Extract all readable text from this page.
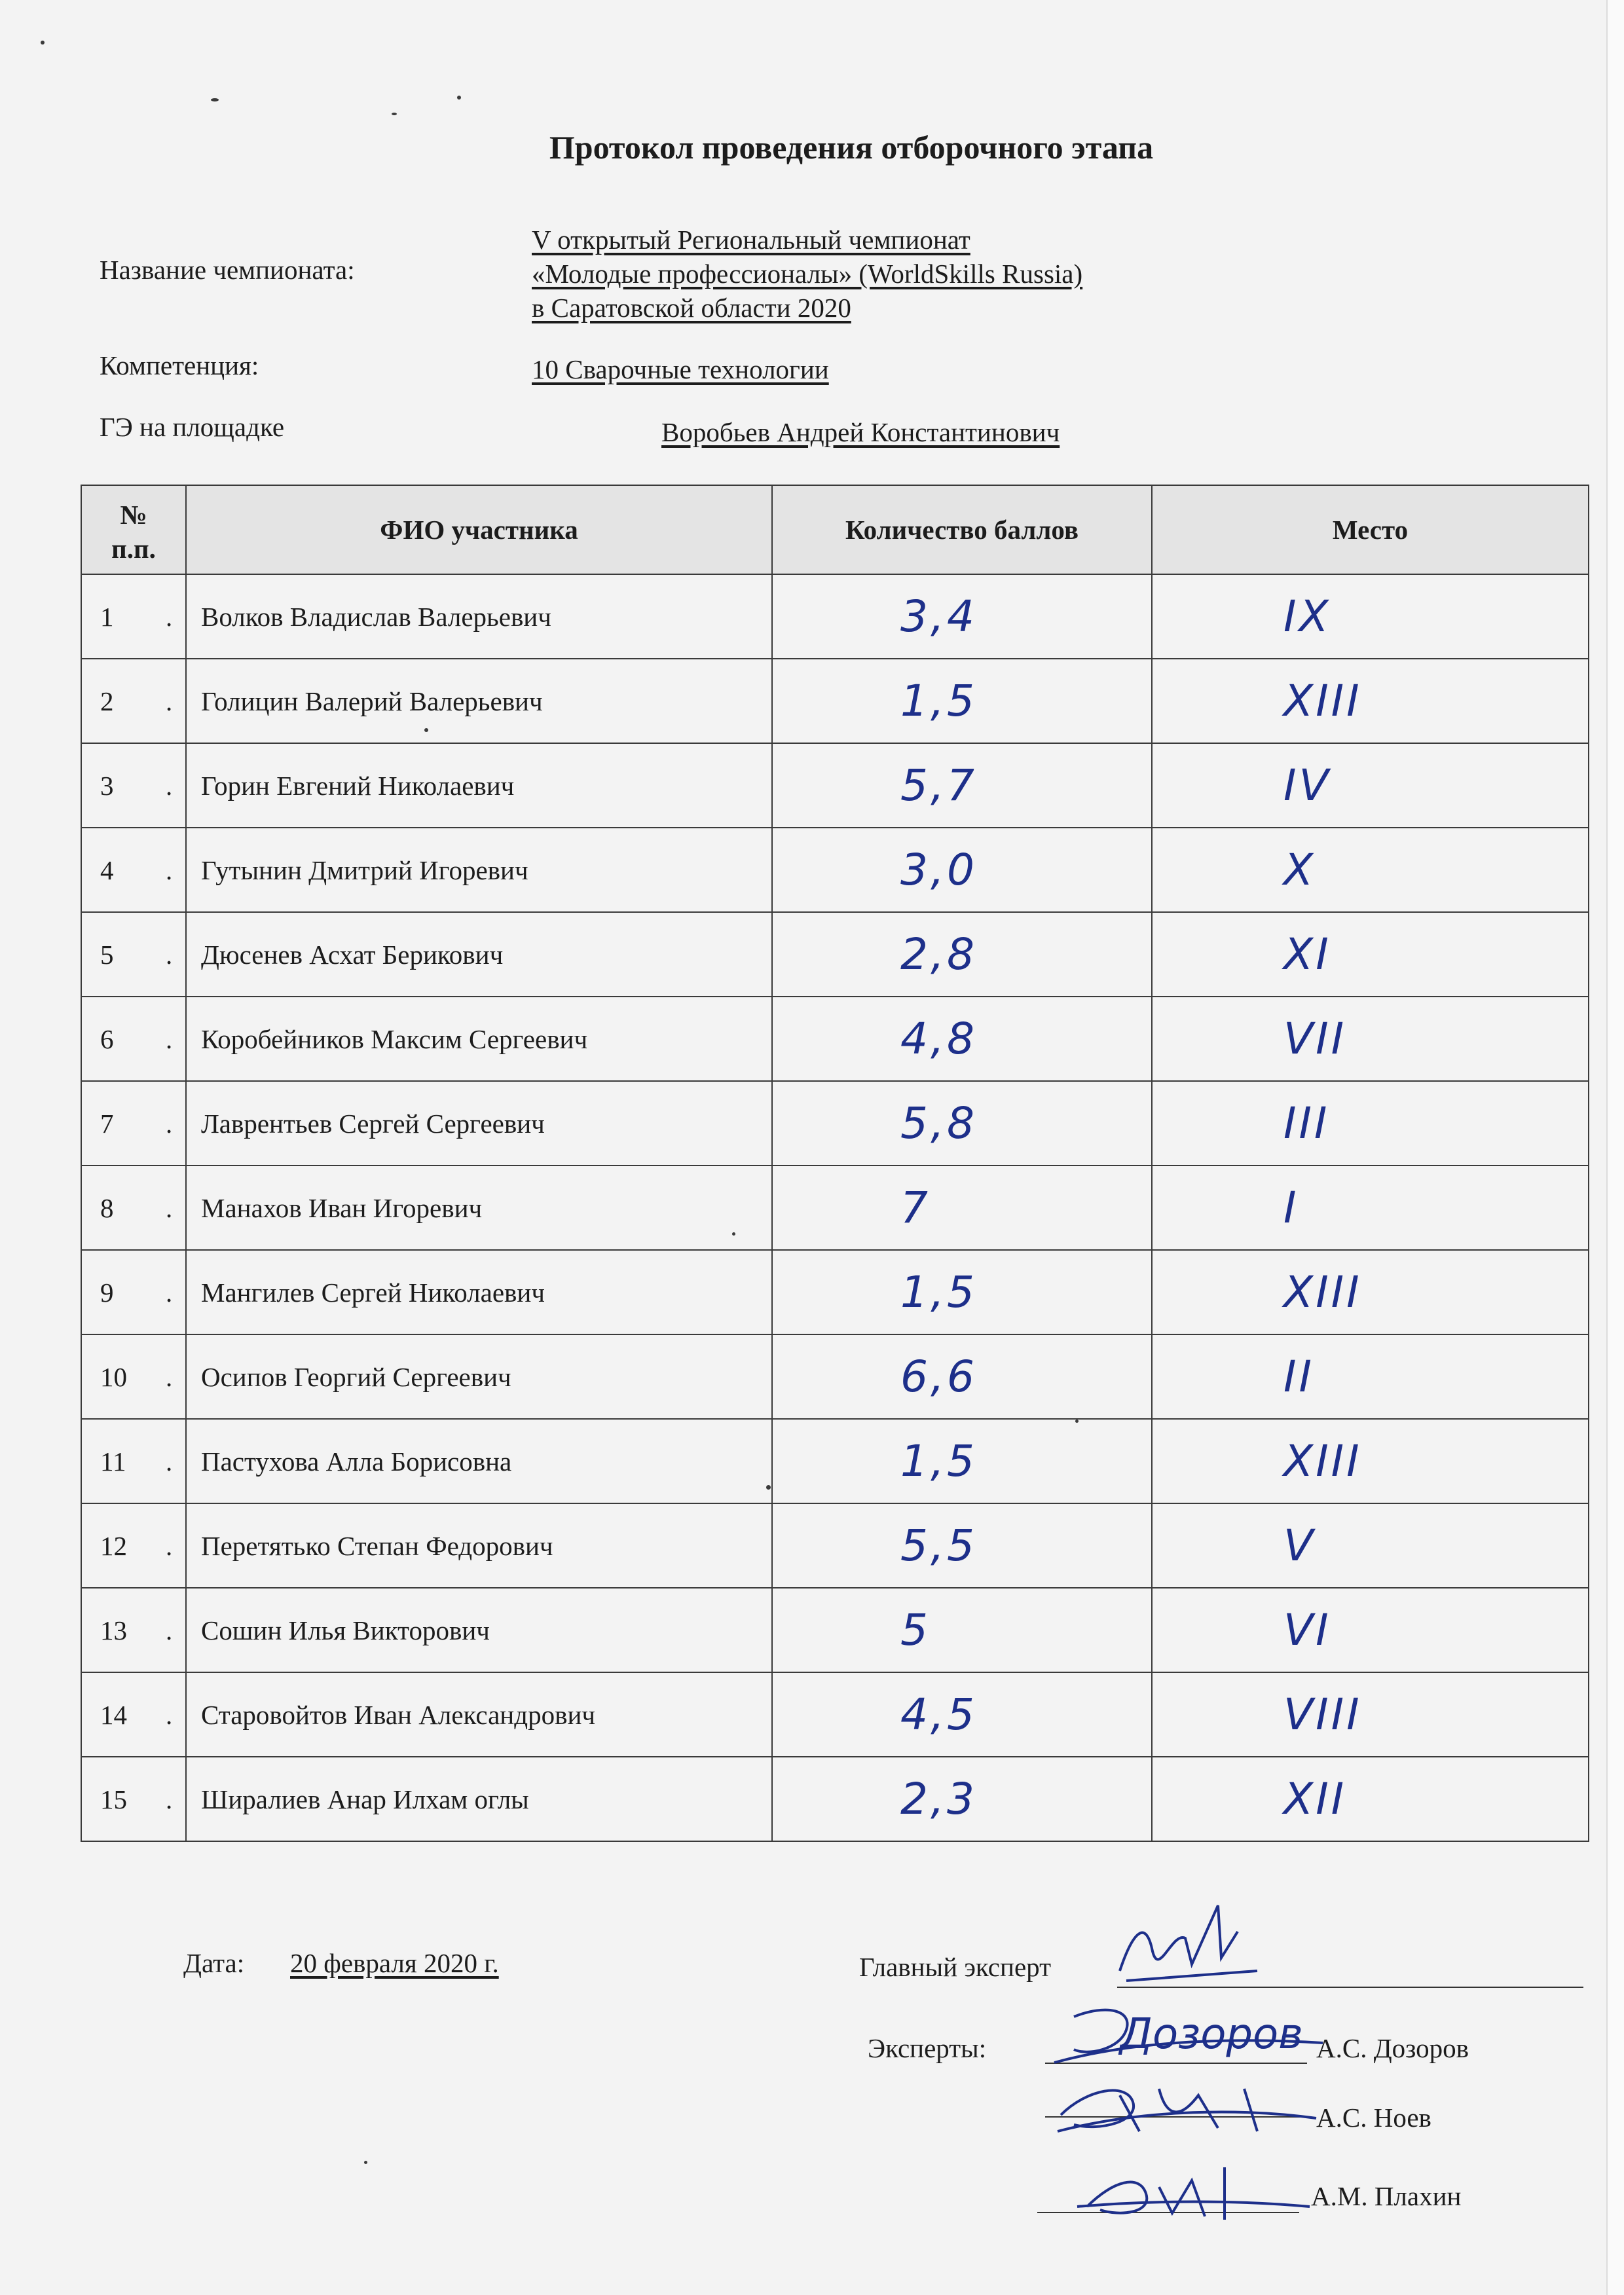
Протокол проведения отборочного этапа
Название чемпионата:
V открытый Региональный чемпионат
«Молодые профессионалы» (WorldSkills Russia)
в Саратовской области 2020
Компетенция:	10 Сварочные технологии
ГЭ на площадке	Воробьев Андрей Константинович
№
п.п.	ФИО участника	Количество баллов	Место

1 .	Волков Владислав Валерьевич	3,4	IX

2 .	Голицин Валерий Валерьевич	1,5	XIII

3 .	Горин Евгений Николаевич	5,7	IV

4 .	Гутынин Дмитрий Игоревич	3,0	X

5 .	Дюсенев Асхат Берикович	2,8	XI

6 .	Коробейников Максим Сергеевич	4,8	VII

7 .	Лаврентьев Сергей Сергеевич	5,8	III

8 .	Манахов Иван Игоревич	7	I

9 .	Мангилев Сергей Николаевич	1,5	XIII

10 .	Осипов Георгий Сергеевич	6,6	II

11 .	Пастухова Алла Борисовна	1,5	XIII

12 .	Перетятько Степан Федорович	5,5	V

13 .	Сошин Илья Викторович	5	VI

14 .	Старовойтов Иван Александрович	4,5	VIII

15 .	Ширалиев Анар Илхам оглы	2,3	XII
Дата: 20 февраля 2020 г.	Главный эксперт
Эксперты:	А.С. Дозоров
А.С. Ноев
А.М. Плахин
Дозоров
